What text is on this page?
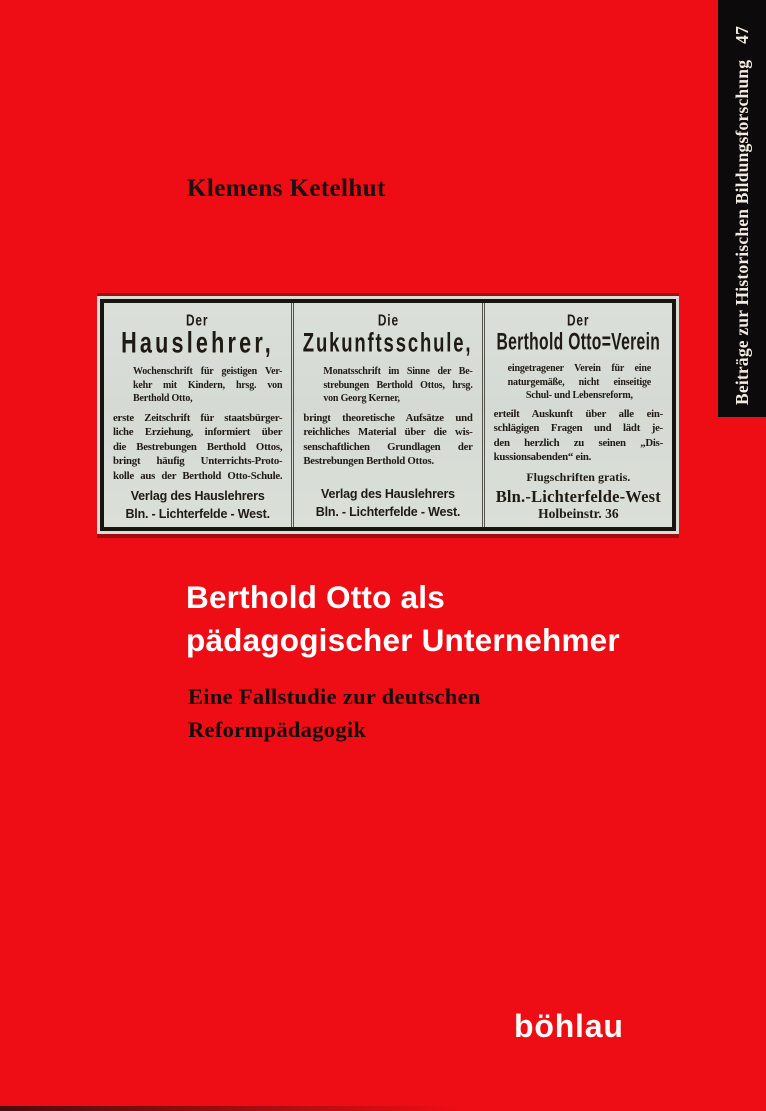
Beiträge zur Historischen Bildungsforschung
47
Klemens Ketelhut
Der
Hauslehrer,
Wochenschrift für geistigen Ver-
kehr mit Kindern, hrsg. von
Berthold Otto,
erste Zeitschrift für staatsbürger-
liche Erziehung, informiert über
die Bestrebungen Berthold Ottos,
bringt häufig Unterrichts-Proto-
kolle aus der Berthold Otto-Schule.
Verlag des Hauslehrers
Bln. - Lichterfelde - West.
Die
Zukunftsschule,
Monatsschrift im Sinne der Be-
strebungen Berthold Ottos, hrsg.
von Georg Kerner,
bringt theoretische Aufsätze und
reichliches Material über die wis-
senschaftlichen Grundlagen der
Bestrebungen Berthold Ottos.
Verlag des Hauslehrers
Bln. - Lichterfelde - West.
Der
Berthold Otto=Verein
eingetragener Verein für eine
naturgemäße, nicht einseitige
Schul- und Lebensreform,
erteilt Auskunft über alle ein-
schlägigen Fragen und lädt je-
den herzlich zu seinen „Dis-
kussionsabenden“ ein.
Flugschriften gratis.
Bln.-Lichterfelde-West
Holbeinstr. 36
Berthold Otto als
pädagogischer Unternehmer
Eine Fallstudie zur deutschen
Reformpädagogik
böhlau
